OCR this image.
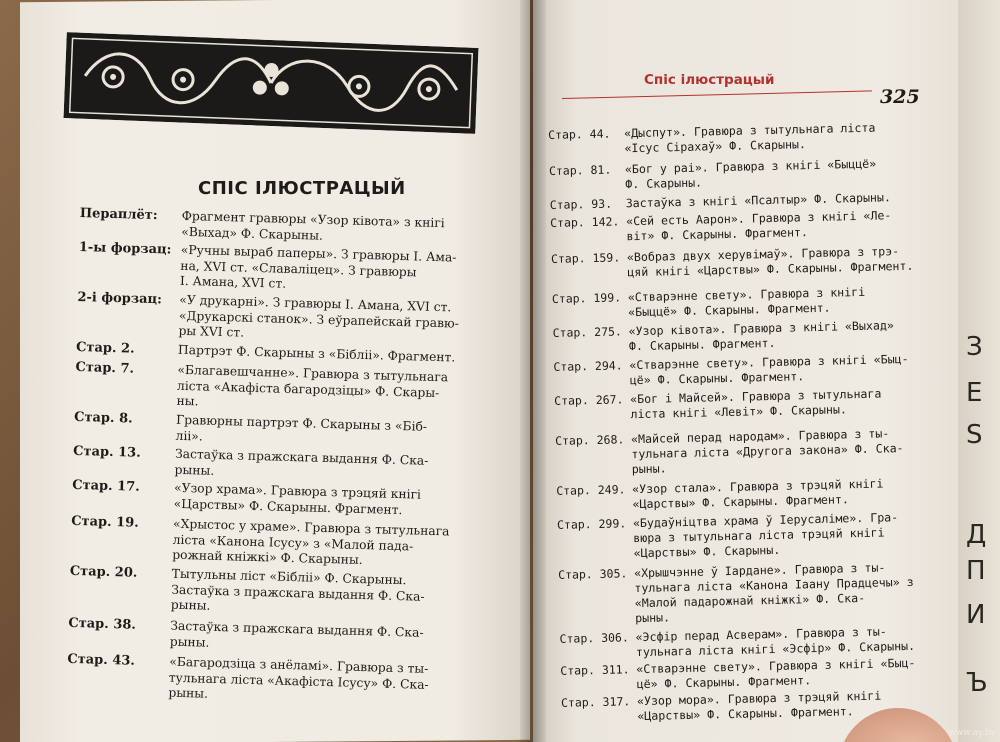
СПІС ІЛЮСТРАЦЫЙ
Пераплёт: Фрагмент гравюры «Узор ківота» з кнігі
«Выхад» Ф. Скарыны.
1-ы форзац: «Ручны выраб паперы». З гравюры І. Ама-
на, XVI ст. «Славаліцец». З гравюры
І. Амана, XVI ст.
2-і форзац: «У друкарні». З гравюры І. Амана, XVI ст.
«Друкарскі станок». З еўрапейскай гравю-
ры XVI ст.
Стар. 2.	Партрэт Ф. Скарыны з «Бібліі». Фрагмент.
Стар. 7.	«Благавешчанне». Гравюра з тытульнага
ліста «Акафіста багародзіцы» Ф. Скары-
ны.
Стар. 8.	Гравюрны партрэт Ф. Скарыны з «Біб-
ліі».
Стар. 13.	Застаўка з пражскага выдання Ф. Ска-
рыны.
Стар. 17.	«Узор храма». Гравюра з трэцяй кнігі
«Царствы» Ф. Скарыны. Фрагмент.
Стар. 19.	«Хрыстос у храме». Гравюра з тытульнага
ліста «Канона Ісусу» з «Малой пада-
рожнай кніжкі» Ф. Скарыны.
Стар. 20.	Тытульны ліст «Бібліі» Ф. Скарыны.
Застаўка з пражскага выдання Ф. Ска-
рыны.
Стар. 38.	Застаўка з пражскага выдання Ф. Ска-
рыны.
Стар. 43.	«Багародзіца з анёламі». Гравюра з ты-
тульнага ліста «Акафіста Ісусу» Ф. Ска-
рыны.
Спіс ілюстрацый
325
Стар. 44. «Дыспут». Гравюра з тытульнага ліста
«Ісус Сірахаў» Ф. Скарыны.
Стар. 81. «Бог у раі». Гравюра з кнігі «Быццё»
Ф. Скарыны.
Стар. 93. Застаўка з кнігі «Псалтыр» Ф. Скарыны.
Стар. 142. «Сей есть Аарон». Гравюра з кнігі «Ле-
віт» Ф. Скарыны. Фрагмент.
Стар. 159. «Вобраз двух херувімаў». Гравюра з трэ-
цяй кнігі «Царствы» Ф. Скарыны. Фрагмент.
Стар. 199. «Стварэнне свету». Гравюра з кнігі
«Быццё» Ф. Скарыны. Фрагмент.
Стар. 275. «Узор ківота». Гравюра з кнігі «Выхад»
Ф. Скарыны. Фрагмент.
Стар. 294. «Стварэнне свету». Гравюра з кнігі «Быц-
цё» Ф. Скарыны. Фрагмент.
Стар. 267. «Бог і Майсей». Гравюра з тытульнага
ліста кнігі «Левіт» Ф. Скарыны.
Стар. 268. «Майсей перад народам». Гравюра з ты-
тульнага ліста «Другога закона» Ф. Ска-
рыны.
Стар. 249. «Узор стала». Гравюра з трэцяй кнігі
«Царствы» Ф. Скарыны. Фрагмент.
Стар. 299. «Будаўніцтва храма ў Іерусаліме». Гра-
вюра з тытульнага ліста трэцяй кнігі
«Царствы» Ф. Скарыны.
Стар. 305. «Хрышчэнне ў Іардане». Гравюра з ты-
тульнага ліста «Канона Іаану Прадцечы» з
«Малой падарожнай кніжкі» Ф. Ска-
рыны.
Стар. 306. «Эсфір перад Асверам». Гравюра з ты-
тульнага ліста кнігі «Эсфір» Ф. Скарыны.
Стар. 311. «Стварэнне свету». Гравюра з кнігі «Быц-
цё» Ф. Скарыны. Фрагмент.
Стар. 317. «Узор мора». Гравюра з трэцяй кнігі
«Царствы» Ф. Скарыны. Фрагмент.
З
Е
Ѕ
Д
П
И
Ъ
www.ay.by
